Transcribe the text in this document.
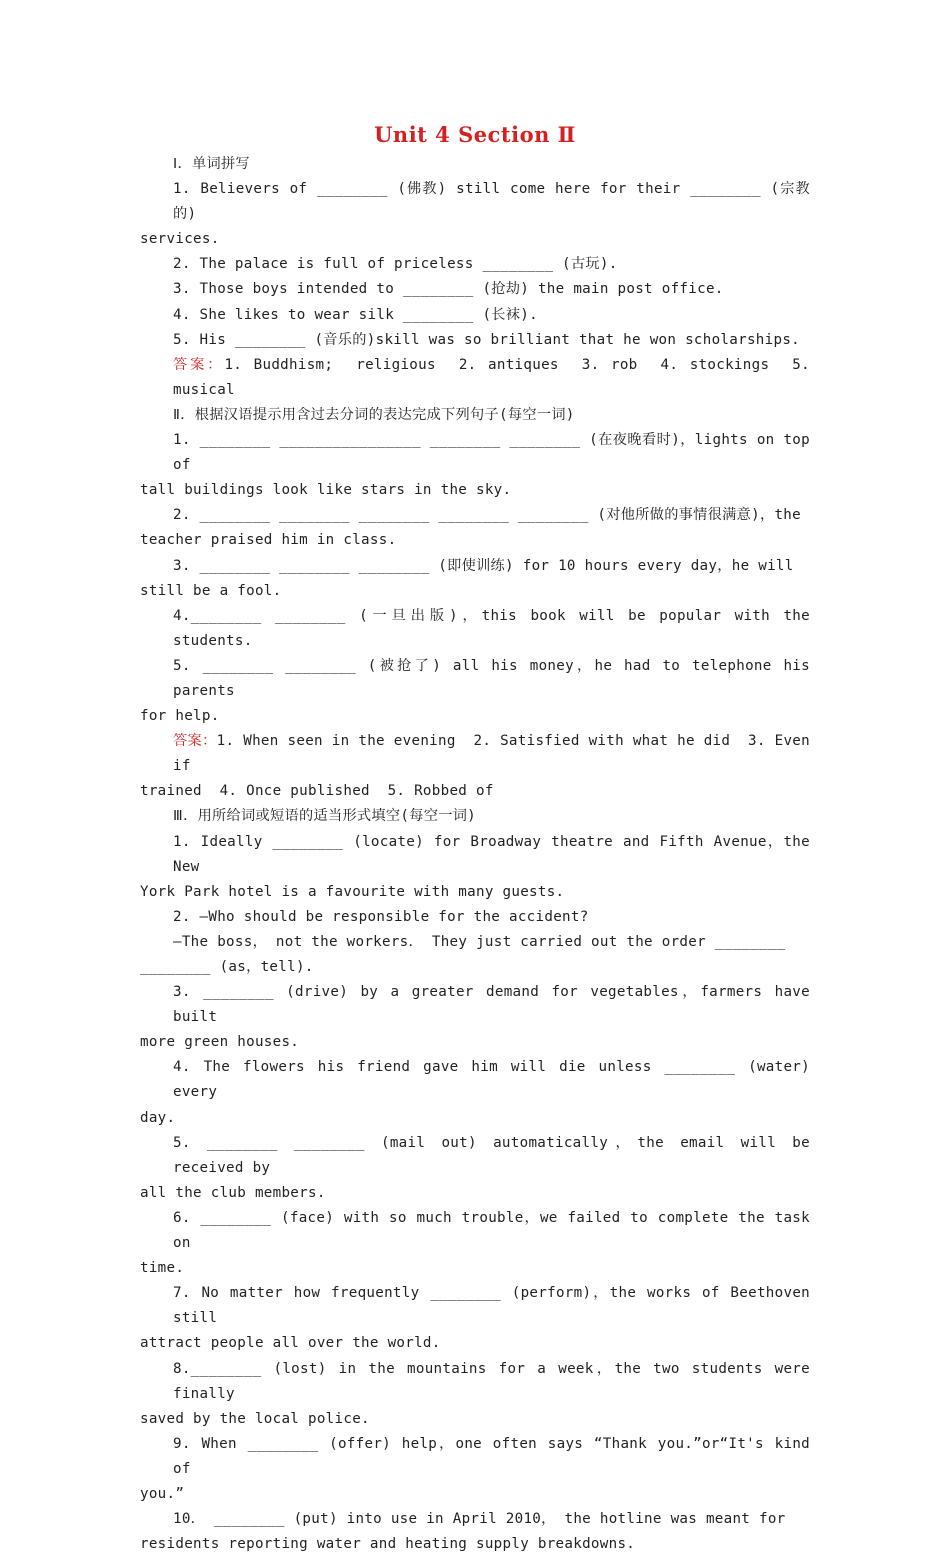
Unit 4 Section Ⅱ
Ⅰ．单词拼写
1. Believers of ________ (佛教) still come here for their ________ (宗教的)
services.
2. The palace is full of priceless ________ (古玩).
3. Those boys intended to ________ (抢劫) the main post office.
4. She likes to wear silk ________ (长袜).
5. His ________ (音乐的)skill was so brilliant that he won scholarships.
答案：1. Buddhism;  religious  2. antiques  3. rob  4. stockings  5. musical
Ⅱ．根据汉语提示用含过去分词的表达完成下列句子(每空一词)
1. ________ ________________ ________ ________ (在夜晚看时)，lights on top of
tall buildings look like stars in the sky.
2. ________ ________ ________ ________ ________ (对他所做的事情很满意)，the
teacher praised him in class.
3. ________ ________ ________ (即使训练) for 10 hours every day，he will
still be a fool.
4.________ ________ (一旦出版)，this book will be popular with the students.
5. ________ ________ (被抢了) all his money，he had to telephone his parents
for help.
答案：1. When seen in the evening  2. Satisfied with what he did  3. Even if
trained  4. Once published  5. Robbed of
Ⅲ．用所给词或短语的适当形式填空(每空一词)
1. Ideally ________ (locate) for Broadway theatre and Fifth Avenue，the New
York Park hotel is a favourite with many guests.
2. —Who should be responsible for the accident?
—The boss， not the workers． They just carried out the order ________
________ (as，tell).
3. ________ (drive) by a greater demand for vegetables，farmers have built
more green houses.
4. The flowers his friend gave him will die unless ________ (water) every
day.
5. ________ ________ (mail out) automatically，the email will be received by
all the club members.
6. ________ (face) with so much trouble，we failed to complete the task on
time.
7. No matter how frequently ________ (perform)，the works of Beethoven still
attract people all over the world.
8.________ (lost) in the mountains for a week，the two students were finally
saved by the local police.
9. When ________ (offer) help，one often says “Thank you.”or“It's kind of
you.”
10． ________ (put) into use in April 2010， the hotline was meant for
residents reporting water and heating supply breakdowns.
